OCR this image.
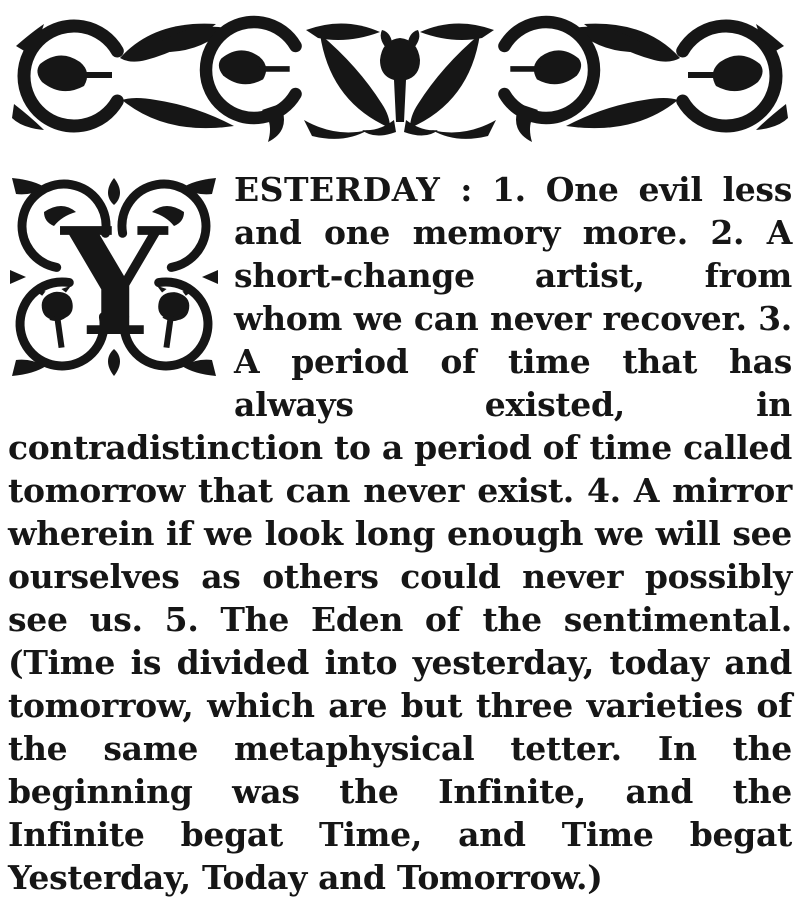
Y
ESTERDAY : 1. One evil less and one memory more. 2. A short-change artist, from whom we can never recover. 3. A period of time that has always existed, in contradistinction to a period of time called tomorrow that can never exist. 4. A mirror wherein if we look long enough we will see ourselves as others could never possibly see us. 5. The Eden of the sentimental. (Time is divided into yesterday, today and tomorrow, which are but three varieties of the same metaphysical tetter. In the beginning was the Infinite, and the Infinite begat Time, and Time begat Yesterday, Today and Tomorrow.)
